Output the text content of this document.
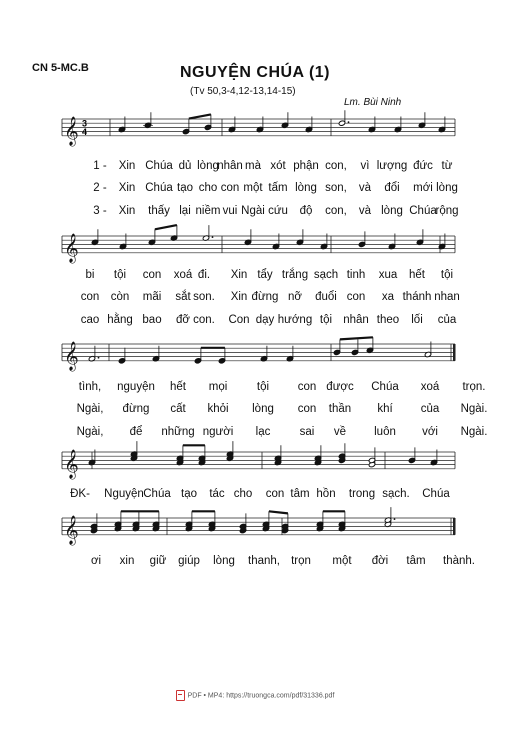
CN 5-MC.B	NGUYỆN CHÚA (1)
(Tv 50,3-4,12-13,14-15)
Lm. Bùi Ninh
𝄞 3
4
1 - Xin Chúa dủ lòng
nhân mà xót phận con, vì lượng đức từ
2 - Xin Chúa tạo cho con một tấm lòng son, và đổi mới lòng
3 - Xin thấy lại niềm vui Ngài cứu độ con, và lòng Chúa
rộng
𝄞
bi tội con xoá đi. Xin tẩy trắng sạch tinh xua hết tội
con còn mãi sắt son. Xin đừng nỡ đuổi con xa thánh nhan
cao hằng bao đỡ con. Con dạy hướng tội nhân theo lối của
𝄞
tình, nguyện hết mọi	tội con được Chúa xoá trọn.
Ngài, đừng cất khỏi lòng con thần khí của Ngài.
Ngài, để những người lạc	sai về luôn với Ngài.
𝄞
ĐK- Nguyện Chúa tạo tác cho con tâm hồn trong sạch. Chúa
𝄞
ơi xin giữ giúp lòng thanh, trọn một đời tâm thành.
PDF • MP4: https://truongca.com/pdf/31336.pdf
